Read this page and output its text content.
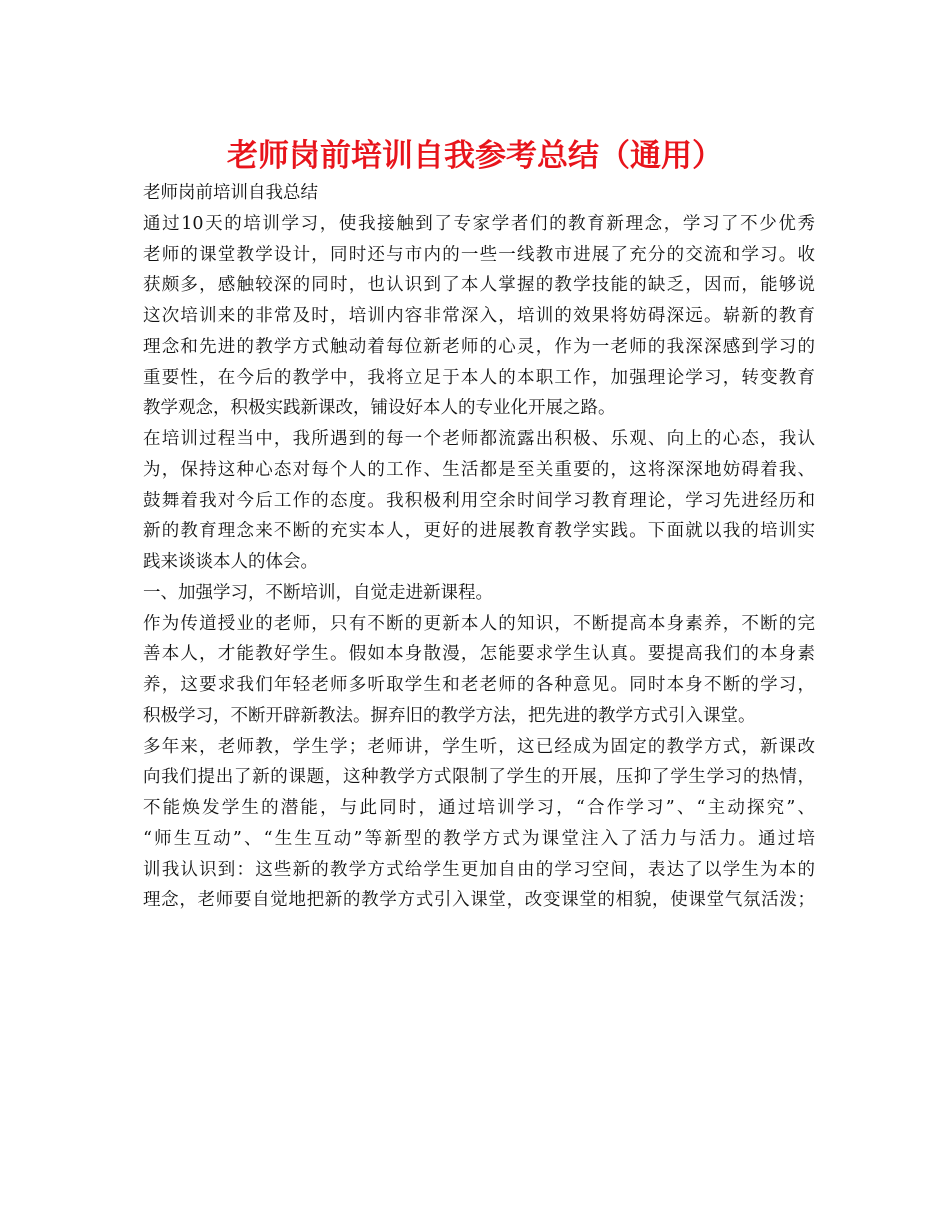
老师岗前培训自我参考总结（通用）
老师岗前培训自我总结
通过10天的培训学习，使我接触到了专家学者们的教育新理念，学习了不少优秀
老师的课堂教学设计，同时还与市内的一些一线教市进展了充分的交流和学习。收
获颇多，感触较深的同时，也认识到了本人掌握的教学技能的缺乏，因而，能够说
这次培训来的非常及时，培训内容非常深入，培训的效果将妨碍深远。崭新的教育
理念和先进的教学方式触动着每位新老师的心灵，作为一老师的我深深感到学习的
重要性，在今后的教学中，我将立足于本人的本职工作，加强理论学习，转变教育
教学观念，积极实践新课改，铺设好本人的专业化开展之路。
在培训过程当中，我所遇到的每一个老师都流露出积极、乐观、向上的心态，我认
为，保持这种心态对每个人的工作、生活都是至关重要的，这将深深地妨碍着我、
鼓舞着我对今后工作的态度。我积极利用空余时间学习教育理论，学习先进经历和
新的教育理念来不断的充实本人，更好的进展教育教学实践。下面就以我的培训实
践来谈谈本人的体会。
一、加强学习，不断培训，自觉走进新课程。
作为传道授业的老师，只有不断的更新本人的知识，不断提高本身素养，不断的完
善本人，才能教好学生。假如本身散漫，怎能要求学生认真。要提高我们的本身素
养，这要求我们年轻老师多听取学生和老老师的各种意见。同时本身不断的学习，
积极学习，不断开辟新教法。摒弃旧的教学方法，把先进的教学方式引入课堂。
多年来，老师教，学生学；老师讲，学生听，这已经成为固定的教学方式，新课改
向我们提出了新的课题，这种教学方式限制了学生的开展，压抑了学生学习的热情，
不能焕发学生的潜能，与此同时，通过培训学习，“合作学习”、“主动探究”、
“师生互动”、“生生互动”等新型的教学方式为课堂注入了活力与活力。通过培
训我认识到：这些新的教学方式给学生更加自由的学习空间，表达了以学生为本的
理念，老师要自觉地把新的教学方式引入课堂，改变课堂的相貌，使课堂气氛活泼；
